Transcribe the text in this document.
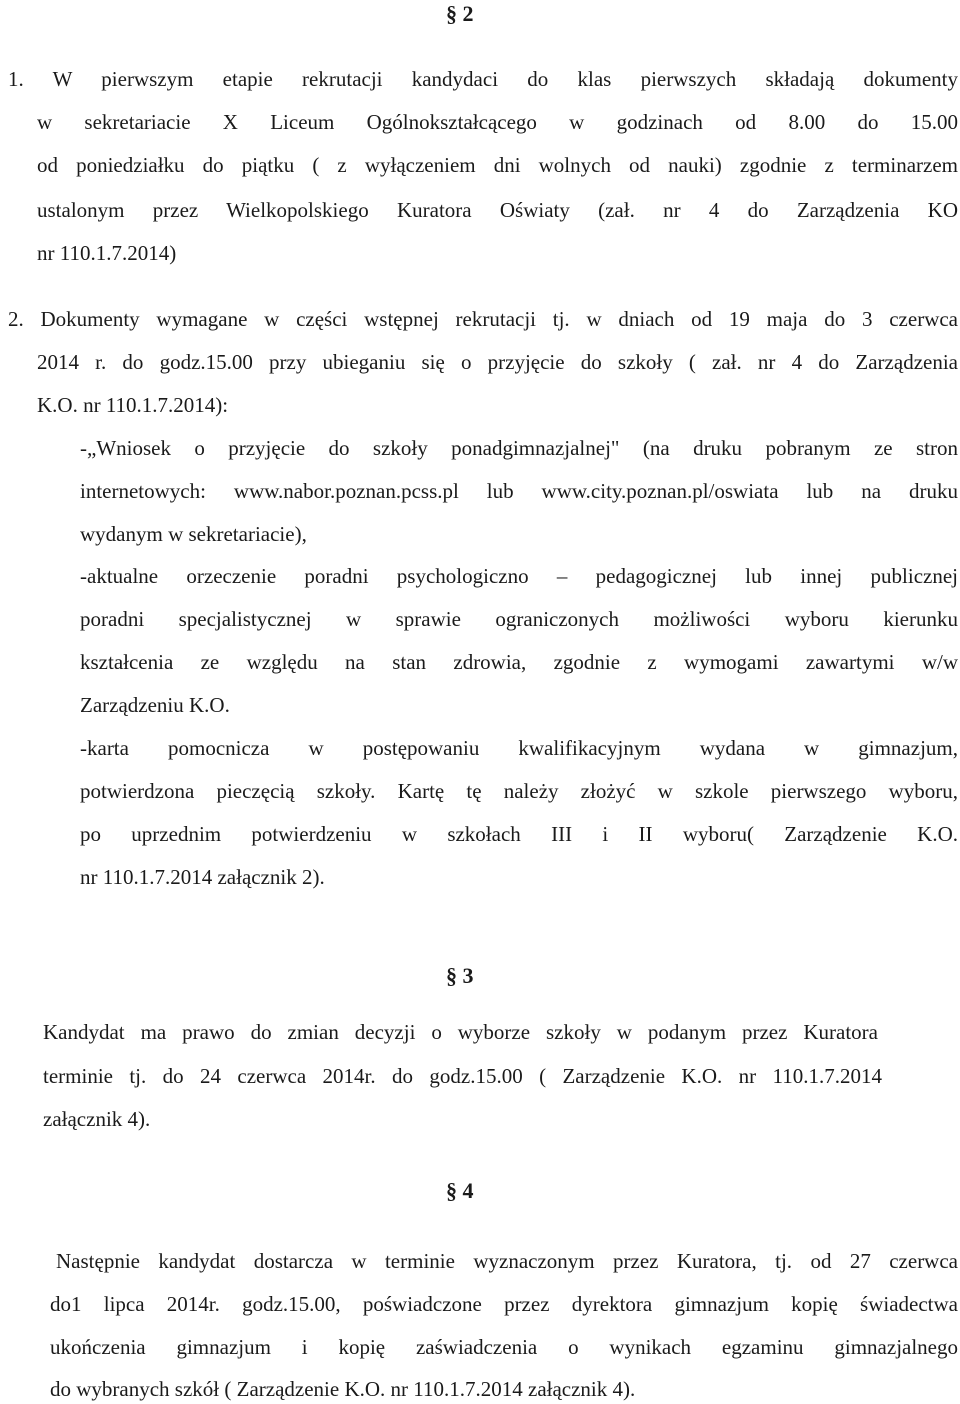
§ 2
1. W pierwszym etapie rekrutacji kandydaci do klas pierwszych składają dokumenty
w sekretariacie X Liceum Ogólnokształcącego w godzinach od 8.00 do 15.00
od poniedziałku do piątku ( z wyłączeniem dni wolnych od nauki) zgodnie z terminarzem
ustalonym przez Wielkopolskiego Kuratora Oświaty (zał. nr 4 do Zarządzenia KO
nr 110.1.7.2014)
2. Dokumenty wymagane w części wstępnej rekrutacji tj. w dniach od 19 maja do 3 czerwca
2014 r. do godz.15.00 przy ubieganiu się o przyjęcie do szkoły ( zał. nr 4 do Zarządzenia
K.O. nr 110.1.7.2014):
-„Wniosek o przyjęcie do szkoły ponadgimnazjalnej" (na druku pobranym ze stron
internetowych: www.nabor.poznan.pcss.pl lub www.city.poznan.pl/oswiata lub na druku
wydanym w sekretariacie),
-aktualne orzeczenie poradni psychologiczno – pedagogicznej lub innej publicznej
poradni specjalistycznej w sprawie ograniczonych możliwości wyboru kierunku
kształcenia ze względu na stan zdrowia, zgodnie z wymogami zawartymi w/w
Zarządzeniu K.O.
-karta pomocnicza w postępowaniu kwalifikacyjnym wydana w gimnazjum,
potwierdzona pieczęcią szkoły. Kartę tę należy złożyć w szkole pierwszego wyboru,
po uprzednim potwierdzeniu w szkołach III i II wyboru( Zarządzenie K.O.
nr 110.1.7.2014 załącznik 2).
§ 3
Kandydat ma prawo do zmian decyzji o wyborze szkoły w podanym przez Kuratora
terminie tj. do 24 czerwca 2014r. do godz.15.00 ( Zarządzenie K.O. nr 110.1.7.2014
załącznik 4).
§ 4
Następnie kandydat dostarcza w terminie wyznaczonym przez Kuratora, tj. od 27 czerwca
do1 lipca 2014r. godz.15.00, poświadczone przez dyrektora gimnazjum kopię świadectwa
ukończenia gimnazjum i kopię zaświadczenia o wynikach egzaminu gimnazjalnego
do wybranych szkół ( Zarządzenie K.O. nr 110.1.7.2014 załącznik 4).
